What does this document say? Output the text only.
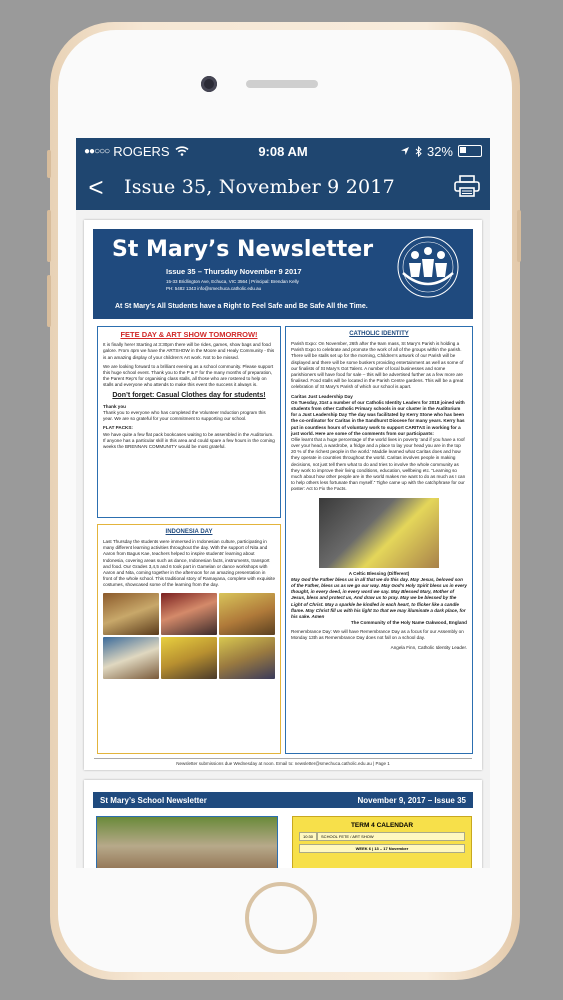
●●○○○ ROGERS	9:08 AM	32%
<	Issue 35, November 9 2017
St Mary’s Newsletter
Issue 35 – Thursday November 9 2017
15-33 Bridlington Ave, Echuca, VIC 3564 | Principal: Brendan Kelly
PH: 5482 1343 info@smechuca.catholic.edu.au
At St Mary’s All Students have a Right to Feel Safe and Be Safe All the Time.
FETE DAY & ART SHOW TOMORROW!
It is finally here! Starting at 3:30pm there will be rides, games, show bags and food galore. From 4pm we have the ARTSHOW in the Moore and Healy Community - this is an amazing display of your children’s Art work. Not to be missed.
We are looking forward to a brilliant evening as a school community. Please support this huge school event. Thank you to the P & F for the many months of preparation, the Parent Rep’s for organising class stalls, all those who are rostered to help on stalls and everyone who attends to make this event the success it always is.
Don’t forget: Casual Clothes day for students!
Thank you
Thank you to everyone who has completed the Volunteer Induction program this year. We are so grateful for your commitment to supporting our school.
FLAT PACKS:
We have quite a few flat pack bookcases waiting to be assembled in the Auditorium. If anyone has a particular skill in this area and could spare a few hours in the coming weeks the BRENNAN COMMUNITY would be most grateful.
INDONESIA DAY
Last Thursday the students were immersed in Indonesian culture, participating in many different learning activities throughout the day. With the support of Nita and Aaron from Bagus Kae, teachers helped to inspire students’ learning about Indonesia, covering areas such as dance, Indonesian facts, instruments, transport and food. Our Grades 3,4,5 and 6 took part in Gamelan or dance workshops with Aaron and Nita, coming together in the afternoon for an amazing presentation in front of the whole school. This traditional story of Ramayana, complete with exquisite costumes, showcased some of the learning from the day.
CATHOLIC IDENTITY
Parish Expo: On November, 26th after the 9am mass, St Mary’s Parish is holding a Parish Expo to celebrate and promote the work of all of the groups within the parish. There will be stalls set up for the morning, Children’s artwork of our Parish will be displayed and there will be some buskers providing entertainment as well as some of our finalists of St Mary’s Got Talent. A number of local businesses and some parishioners will have food for sale – this will be advertised further as a few more are finalised. Food stalls will be located in the Parish Centre gardens. This will be a great celebration of St Mary’s Parish of which our school is apart.
Caritas Just Leadership Day
On Tuesday, 31st a number of our Catholic Identity Leaders for 2018 joined with students from other Catholic Primary schools in our cluster in the Auditorium for a Just Leadership Day The day was facilitated by Kerry Stone who has been the co-ordinator for Caritas in the Sandhurst Diocese for many years. Kerry has put in countless hours of voluntary work to support CARITAS in working for a just world. Here are some of the comments from our participants:
Ollie learnt that a huge percentage of the world lives in poverty ‘and if you have a roof over your head, a wardrobe, a fridge and a place to lay your head you are in the top 20 % of the richest people in the world.’ Maddie learned what Caritas does and how they operate in countries throughout the world. Caritas involves people in making decisions, not just tell them what to do and tries to involve the whole community as they work to improve their living conditions, education, wellbeing etc. “Learning so much about how other people are in the world makes me want to do as much as I can to help others less fortunate than myself.” Tighe came up with the catchphrase for our poster: Act to Fix the Facts.
A Celtic Blessing (Different)
May God the Father bless us in all that we do this day. May Jesus, beloved son of the Father, bless us as we go our way. May God’s Holy Spirit bless us in every thought, in every deed, in every word we say. May Blessed Mary, Mother of Jesus, bless and protect us, And draw us to pray. May we be blessed by the Light of Christ. May a sparkle be kindled in each heart, to flicker like a candle flame. May Christ fill us with his light So that we may illuminate a dark place, for his sake. Amen
The Community of the Holy Name Oakwood, England
Remembrance Day: We will have Remembrance Day as a focus for our Assembly on Monday 13th as Remembrance Day does not fall on a school day.
Angela Finn, Catholic Identity Leader.
Newsletter submissions due Wednesday at noon. Email to: newsletter@smechuca.catholic.edu.au | Page 1
St Mary’s School Newsletter	November 9, 2017 – Issue 35
TERM 4 CALENDAR
10:30	SCHOOL FETE / ART SHOW
WEEK 6 | 13 – 17 November
